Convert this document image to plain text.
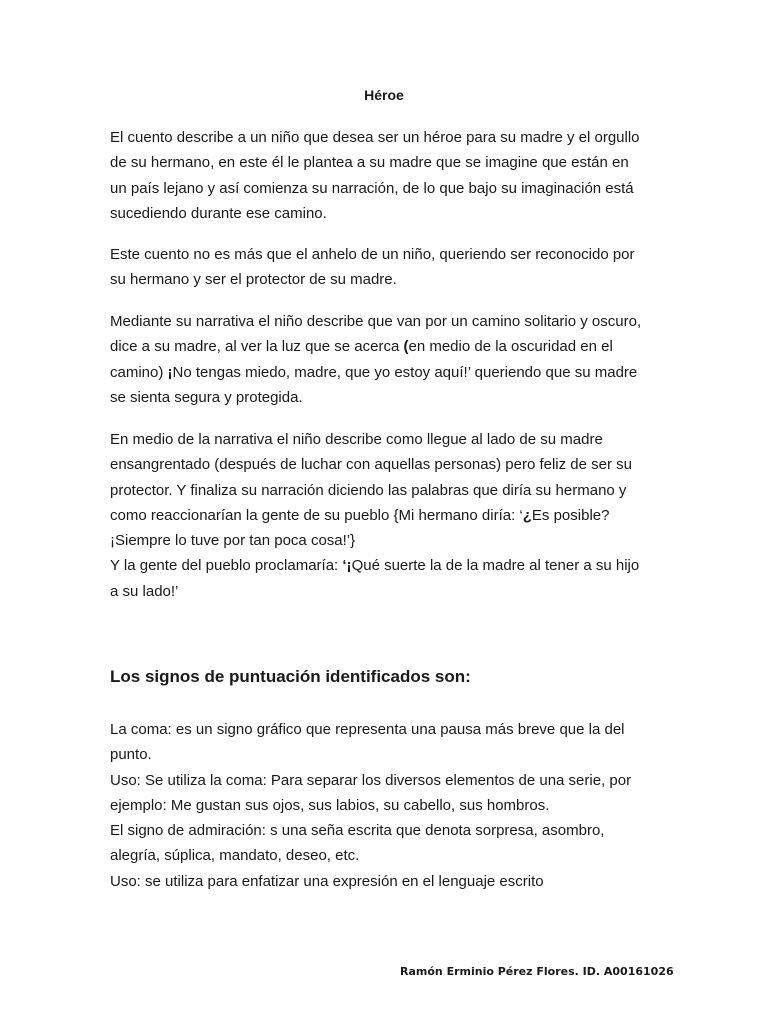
Héroe

El cuento describe a un niño que desea ser un héroe para su madre y el orgullo
de su hermano, en este él le plantea a su madre que se imagine que están en
un país lejano y así comienza su narración, de lo que bajo su imaginación está
sucediendo durante ese camino.

Este cuento no es más que el anhelo de un niño, queriendo ser reconocido por
su hermano y ser el protector de su madre.

Mediante su narrativa el niño describe que van por un camino solitario y oscuro,
dice a su madre, al ver la luz que se acerca (en medio de la oscuridad en el
camino) ¡No tengas miedo, madre, que yo estoy aquí!’ queriendo que su madre
se sienta segura y protegida.

En medio de la narrativa el niño describe como llegue al lado de su madre
ensangrentado (después de luchar con aquellas personas) pero feliz de ser su
protector. Y finaliza su narración diciendo las palabras que diría su hermano y
como reaccionarían la gente de su pueblo {Mi hermano diría: ‘¿Es posible?
¡Siempre lo tuve por tan poca cosa!’}
Y la gente del pueblo proclamaría: ‘¡Qué suerte la de la madre al tener a su hijo
a su lado!’

Los signos de puntuación identificados son:

La coma: es un signo gráfico que representa una pausa más breve que la del
punto.
Uso: Se utiliza la coma: Para separar los diversos elementos de una serie, por
ejemplo: Me gustan sus ojos, sus labios, su cabello, sus hombros.
El signo de admiración: s una seña escrita que denota sorpresa, asombro,
alegría, súplica, mandato, deseo, etc.
Uso: se utiliza para enfatizar una expresión en el lenguaje escrito

Ramón Erminio Pérez Flores. ID. A00161026
